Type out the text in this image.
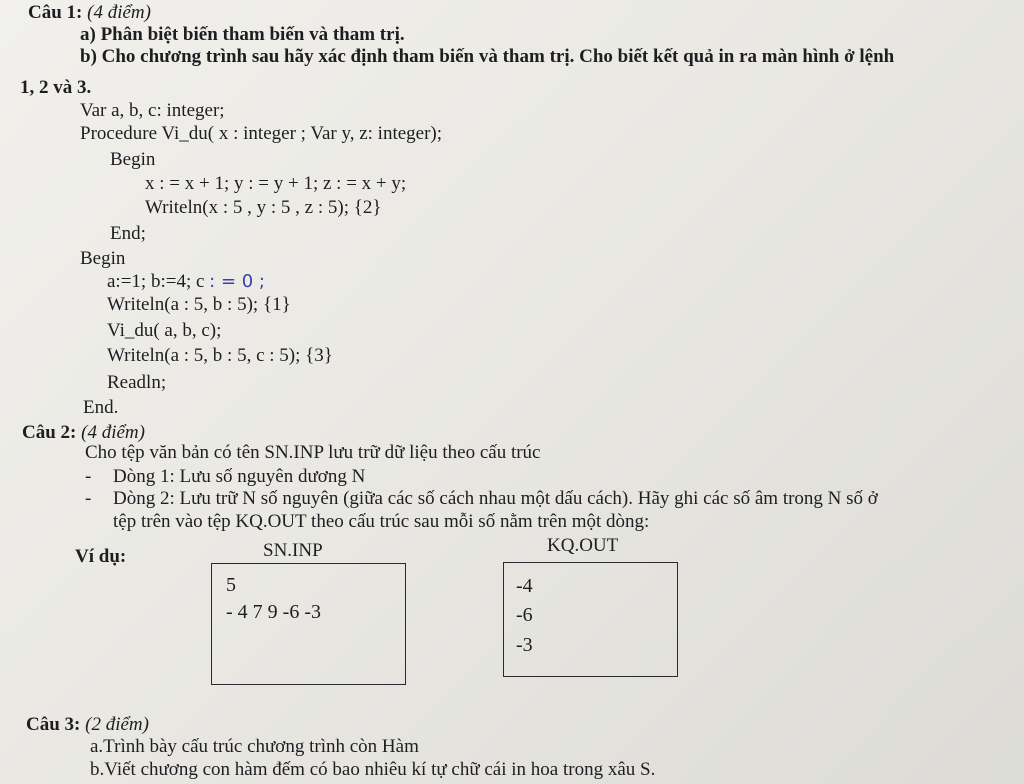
Câu 1: (4 điểm)
a) Phân biệt biến tham biến và tham trị.
b) Cho chương trình sau hãy xác định tham biến và tham trị. Cho biết kết quả in ra màn hình ở lệnh
1, 2 và 3.
Var a, b, c: integer;
Procedure Vi_du( x : integer ; Var y, z: integer);
Begin
x : = x + 1; y : = y + 1; z : = x + y;
Writeln(x : 5 , y : 5 , z : 5); {2}
End;
Begin
a:=1; b:=4; c : = 0 ;
Writeln(a : 5, b : 5); {1}
Vi_du( a, b, c);
Writeln(a : 5, b : 5, c : 5); {3}
Readln;
End.
Câu 2: (4 điểm)
Cho tệp văn bản có tên SN.INP lưu trữ dữ liệu theo cấu trúc
- Dòng 1: Lưu số nguyên dương N
- Dòng 2: Lưu trữ N số nguyên (giữa các số cách nhau một dấu cách). Hãy ghi các số âm trong N số ở
tệp trên vào tệp KQ.OUT theo cấu trúc sau mỗi số nằm trên một dòng:
Ví dụ:	SN.INP	KQ.OUT
5
- 4 7 9 -6 -3
-4
-6
-3
Câu 3: (2 điểm)
a.Trình bày cấu trúc chương trình còn Hàm
b.Viết chương con hàm đếm có bao nhiêu kí tự chữ cái in hoa trong xâu S.
